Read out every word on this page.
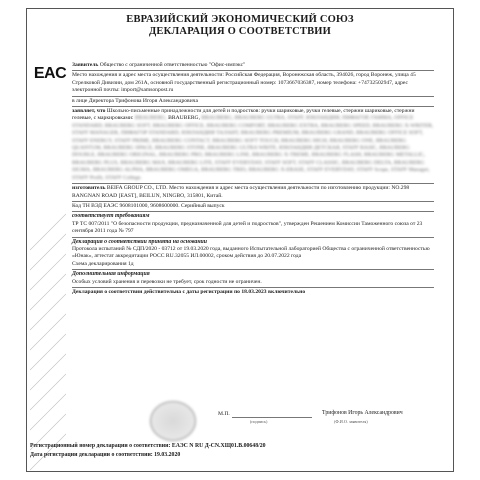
ЕВРАЗИЙСКИЙ ЭКОНОМИЧЕСКИЙ СОЮЗ
ДЕКЛАРАЦИЯ О СООТВЕТСТВИИ
EAC Заявитель Общество с ограниченной ответственностью "Офис-импэкс"

Место нахождения и адрес места осуществления деятельности: Российская Федерация, Воронежская область, 394026, город Воронеж, улица 45 Стрелковой Дивизии, дом 261А, основной государственный регистрационный номер: 1073667036387, номер телефона: +74732502947, адрес электронной почты: import@samsonpost.ru

в лице Директора Трифонова Игоря Александровича

заявляет, что Школьно-письменные принадлежности для детей и подростков: ручки шариковые, ручки гелевые, стержни шариковые, стержни гелевые, с маркировками: BRAUBERG, BRAUBERG, BRAUBERG, BRAUBERG ULTRA, STAFF, ЮНЛАНДИЯ, ПИФАГОР, ГАММА, OFFICE STANDARD, BRAUBERG SOFT, BRAUBERG OFFICE, BRAUBERG COMFORT, BRAUBERG EXTRA, BRAUBERG SPEED, BRAUBERG X-WRITER, STAFF MANAGER, ПИФАГОР STANDARD, ЮНЛАНДИЯ ТАЛАНТ, BRAUBERG PREMIUM, BRAUBERG GRAND, BRAUBERG OFFICE SOFT, STAFF ENERGY, STAFF PRIME, BRAUBERG CONTACT, BRAUBERG SOFT TOUCH, BRAUBERG HIGH, BRAUBERG ONE, BRAUBERG QUANTUM, BRAUBERG SPACE, BRAUBERG STONE, BRAUBERG ULTRA WRITE, ЮНЛАНДИЯ ДЕТСКАЯ, STAFF BASIC, BRAUBERG DOUBLE, BRAUBERG ORIGINAL, BRAUBERG PRO, BRAUBERG LINE, BRAUBERG X-TREME, BRAUBERG FLASH, BRAUBERG METALLIC, BRAUBERG PLUS, BRAUBERG MAX, BRAUBERG LITE, STAFF EVERYDAY, STAFF SOFT, STAFF CLASSIC, BRAUBERG DELTA, BRAUBERG SIGMA, BRAUBERG ALPHA, BRAUBERG OMEGA, BRAUBERG TRIO, BRAUBERG X-ERASE, STAFF EVERYDAY, STAFF Scope, STAFF Manager, STAFF Profit, STAFF College.

изготовитель BEIFA GROUP CO., LTD. Место нахождения и адрес места осуществления деятельности по изготовлению продукции: NO.298 RANGNAN ROAD [EAST], BEILUN, NINGBO, 315801, Китай.

Код ТН ВЭД ЕАЭС 9608101000, 9608600000. Серийный выпуск

соответствует требованиям

ТР ТС 007/2011 "О безопасности продукции, предназначенной для детей и подростков", утвержден Решением Комиссии Таможенного союза от 23 сентября 2011 года № 797

Декларация о соответствии принята на основании

Протокола испытаний № СДП/2020 - 03712 от 19.03.2020 года, выданного Испытательной лабораторией Общества с ограниченной ответственностью «Юнак», аттестат аккредитации РОСС RU.32055 ИЛ.00002, сроком действия до 20.07.2022 года

Схема декларирования 1д

Дополнительная информация

Особых условий хранения и перевозки не требует, срок годности не ограничен.

Декларация о соответствии действительна с даты регистрации по 18.03.2023 включительно

М.П.
(подпись)
Трифонов Игорь Александрович
(Ф.И.О. заявителя)

Регистрационный номер декларации о соответствии: ЕАЭС N RU Д-CN.ХЩ01.В.00648/20

Дата регистрации декларации о соответствии: 19.03.2020
